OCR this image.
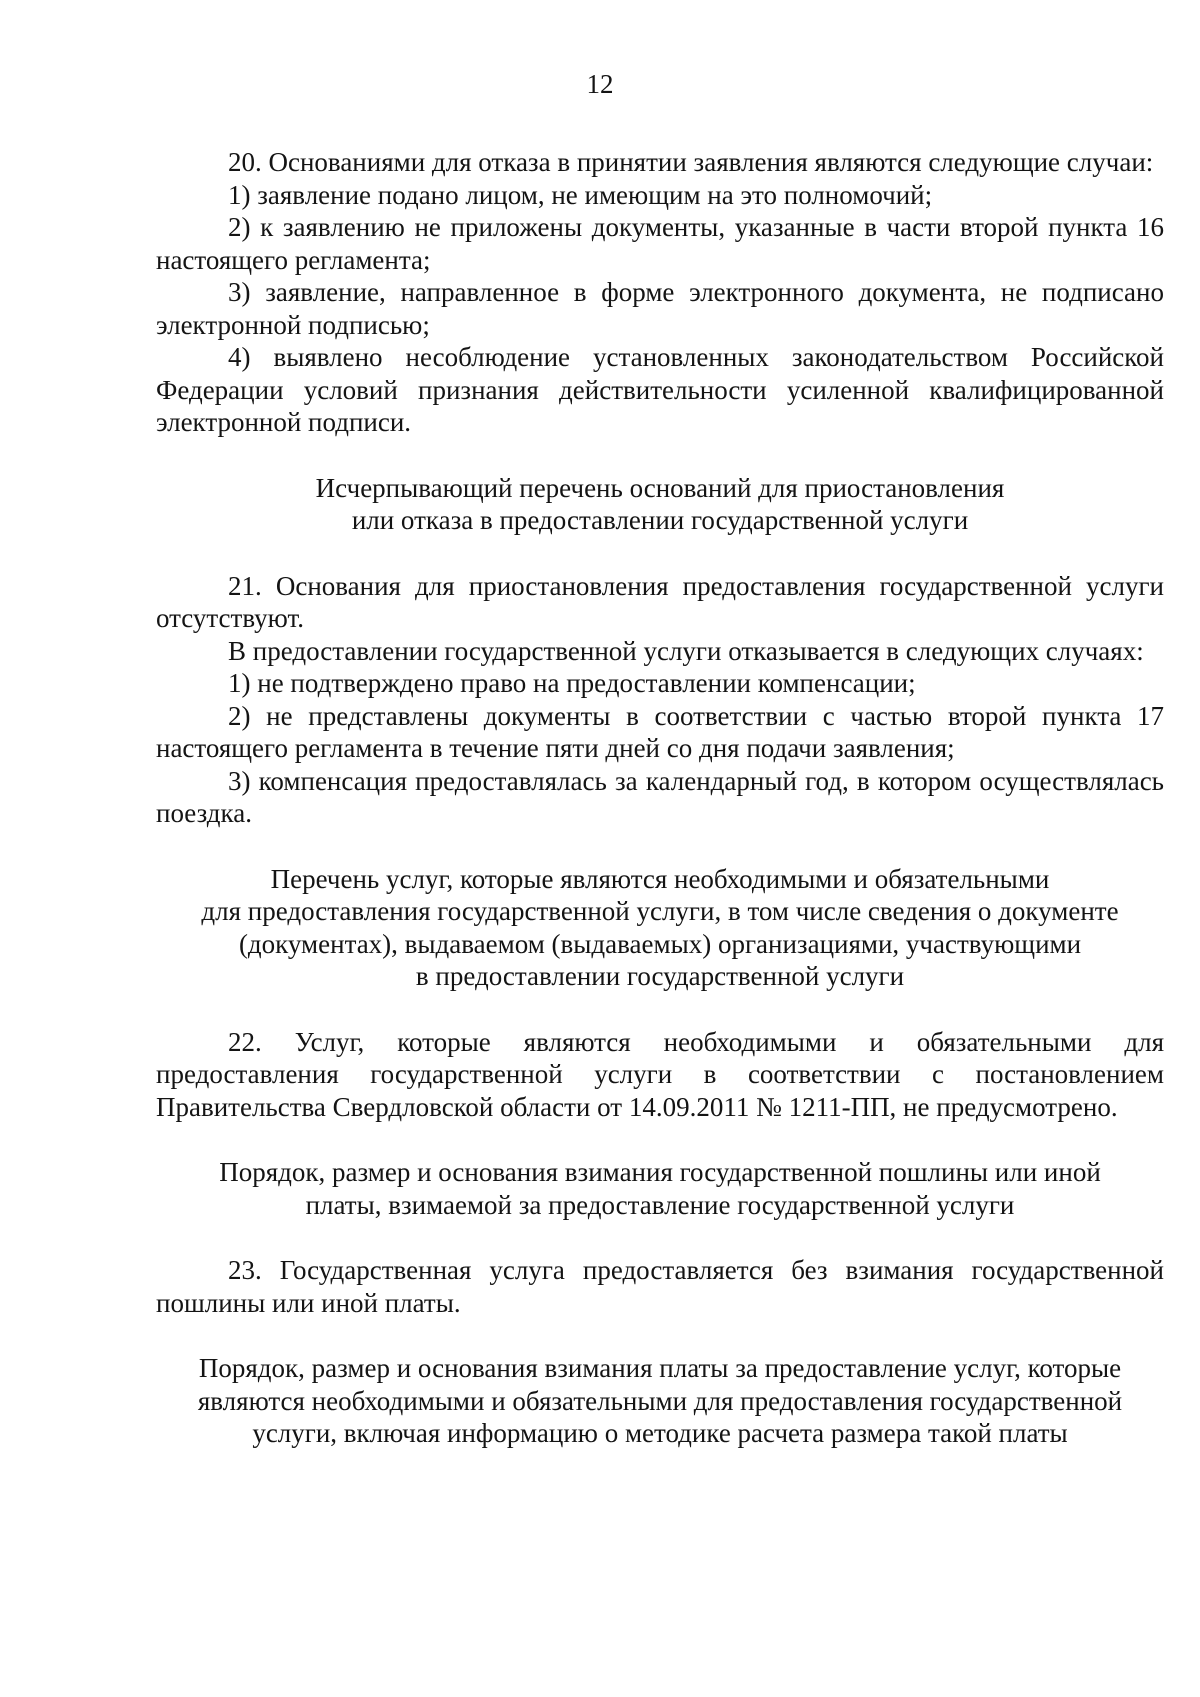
12

20. Основаниями для отказа в принятии заявления являются следующие случаи:

1) заявление подано лицом, не имеющим на это полномочий;

2) к заявлению не приложены документы, указанные в части второй пункта 16 настоящего регламента;

3) заявление, направленное в форме электронного документа, не подписано электронной подписью;

4) выявлено несоблюдение установленных законодательством Российской Федерации условий признания действительности усиленной квалифицированной электронной подписи.

Исчерпывающий перечень оснований для приостановления
или отказа в предоставлении государственной услуги

21. Основания для приостановления предоставления государственной услуги отсутствуют.

В предоставлении государственной услуги отказывается в следующих случаях:

1) не подтверждено право на предоставлении компенсации;

2) не представлены документы в соответствии с частью второй пункта 17 настоящего регламента в течение пяти дней со дня подачи заявления;

3) компенсация предоставлялась за календарный год, в котором осуществлялась поездка.

Перечень услуг, которые являются необходимыми и обязательными
для предоставления государственной услуги, в том числе сведения о документе
(документах), выдаваемом (выдаваемых) организациями, участвующими
в предоставлении государственной услуги

22. Услуг, которые являются необходимыми и обязательными для предоставления государственной услуги в соответствии с постановлением Правительства Свердловской области от 14.09.2011 № 1211-ПП, не предусмотрено.

Порядок, размер и основания взимания государственной пошлины или иной
платы, взимаемой за предоставление государственной услуги

23. Государственная услуга предоставляется без взимания государственной пошлины или иной платы.

Порядок, размер и основания взимания платы за предоставление услуг, которые
являются необходимыми и обязательными для предоставления государственной
услуги, включая информацию о методике расчета размера такой платы
